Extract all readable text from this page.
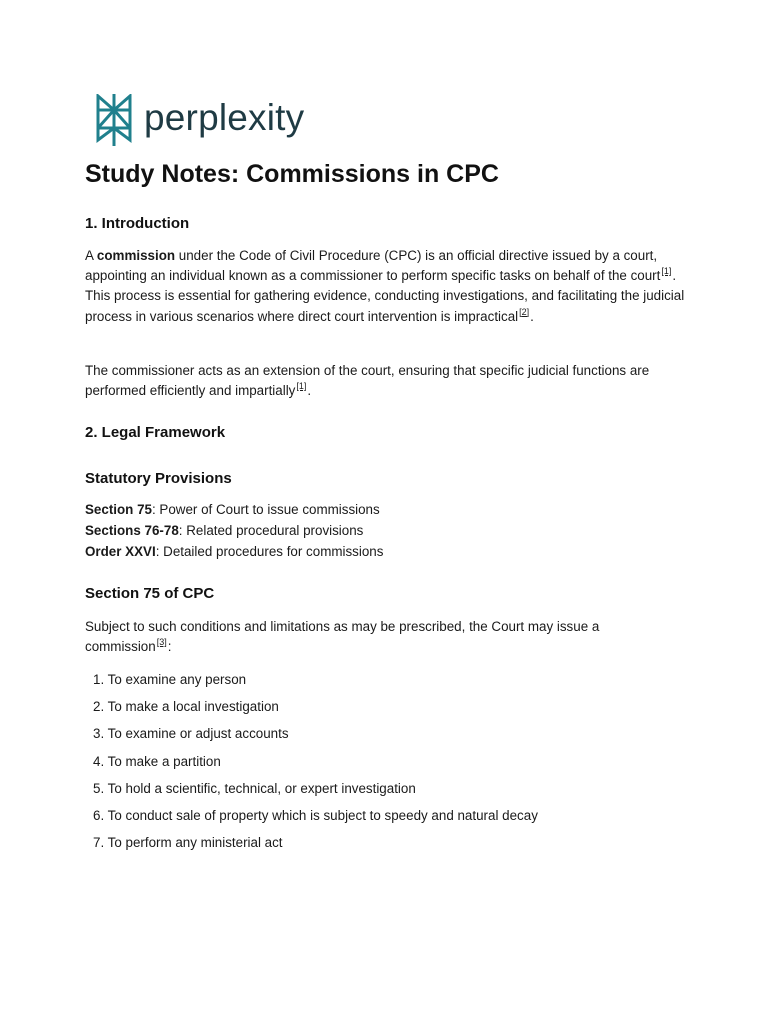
perplexity
Study Notes: Commissions in CPC
1. Introduction

A commission under the Code of Civil Procedure (CPC) is an official directive issued by a court, appointing an individual known as a commissioner to perform specific tasks on behalf of the court[1]. This process is essential for gathering evidence, conducting investigations, and facilitating the judicial process in various scenarios where direct court intervention is impractical[2].

The commissioner acts as an extension of the court, ensuring that specific judicial functions are performed efficiently and impartially[1].

2. Legal Framework
Statutory Provisions

Section 75: Power of Court to issue commissions

Sections 76-78: Related procedural provisions

Order XXVI: Detailed procedures for commissions

Section 75 of CPC

Subject to such conditions and limitations as may be prescribed, the Court may issue a commission[3]:

1. To examine any person
2. To make a local investigation
3. To examine or adjust accounts
4. To make a partition
5. To hold a scientific, technical, or expert investigation
6. To conduct sale of property which is subject to speedy and natural decay
7. To perform any ministerial act
